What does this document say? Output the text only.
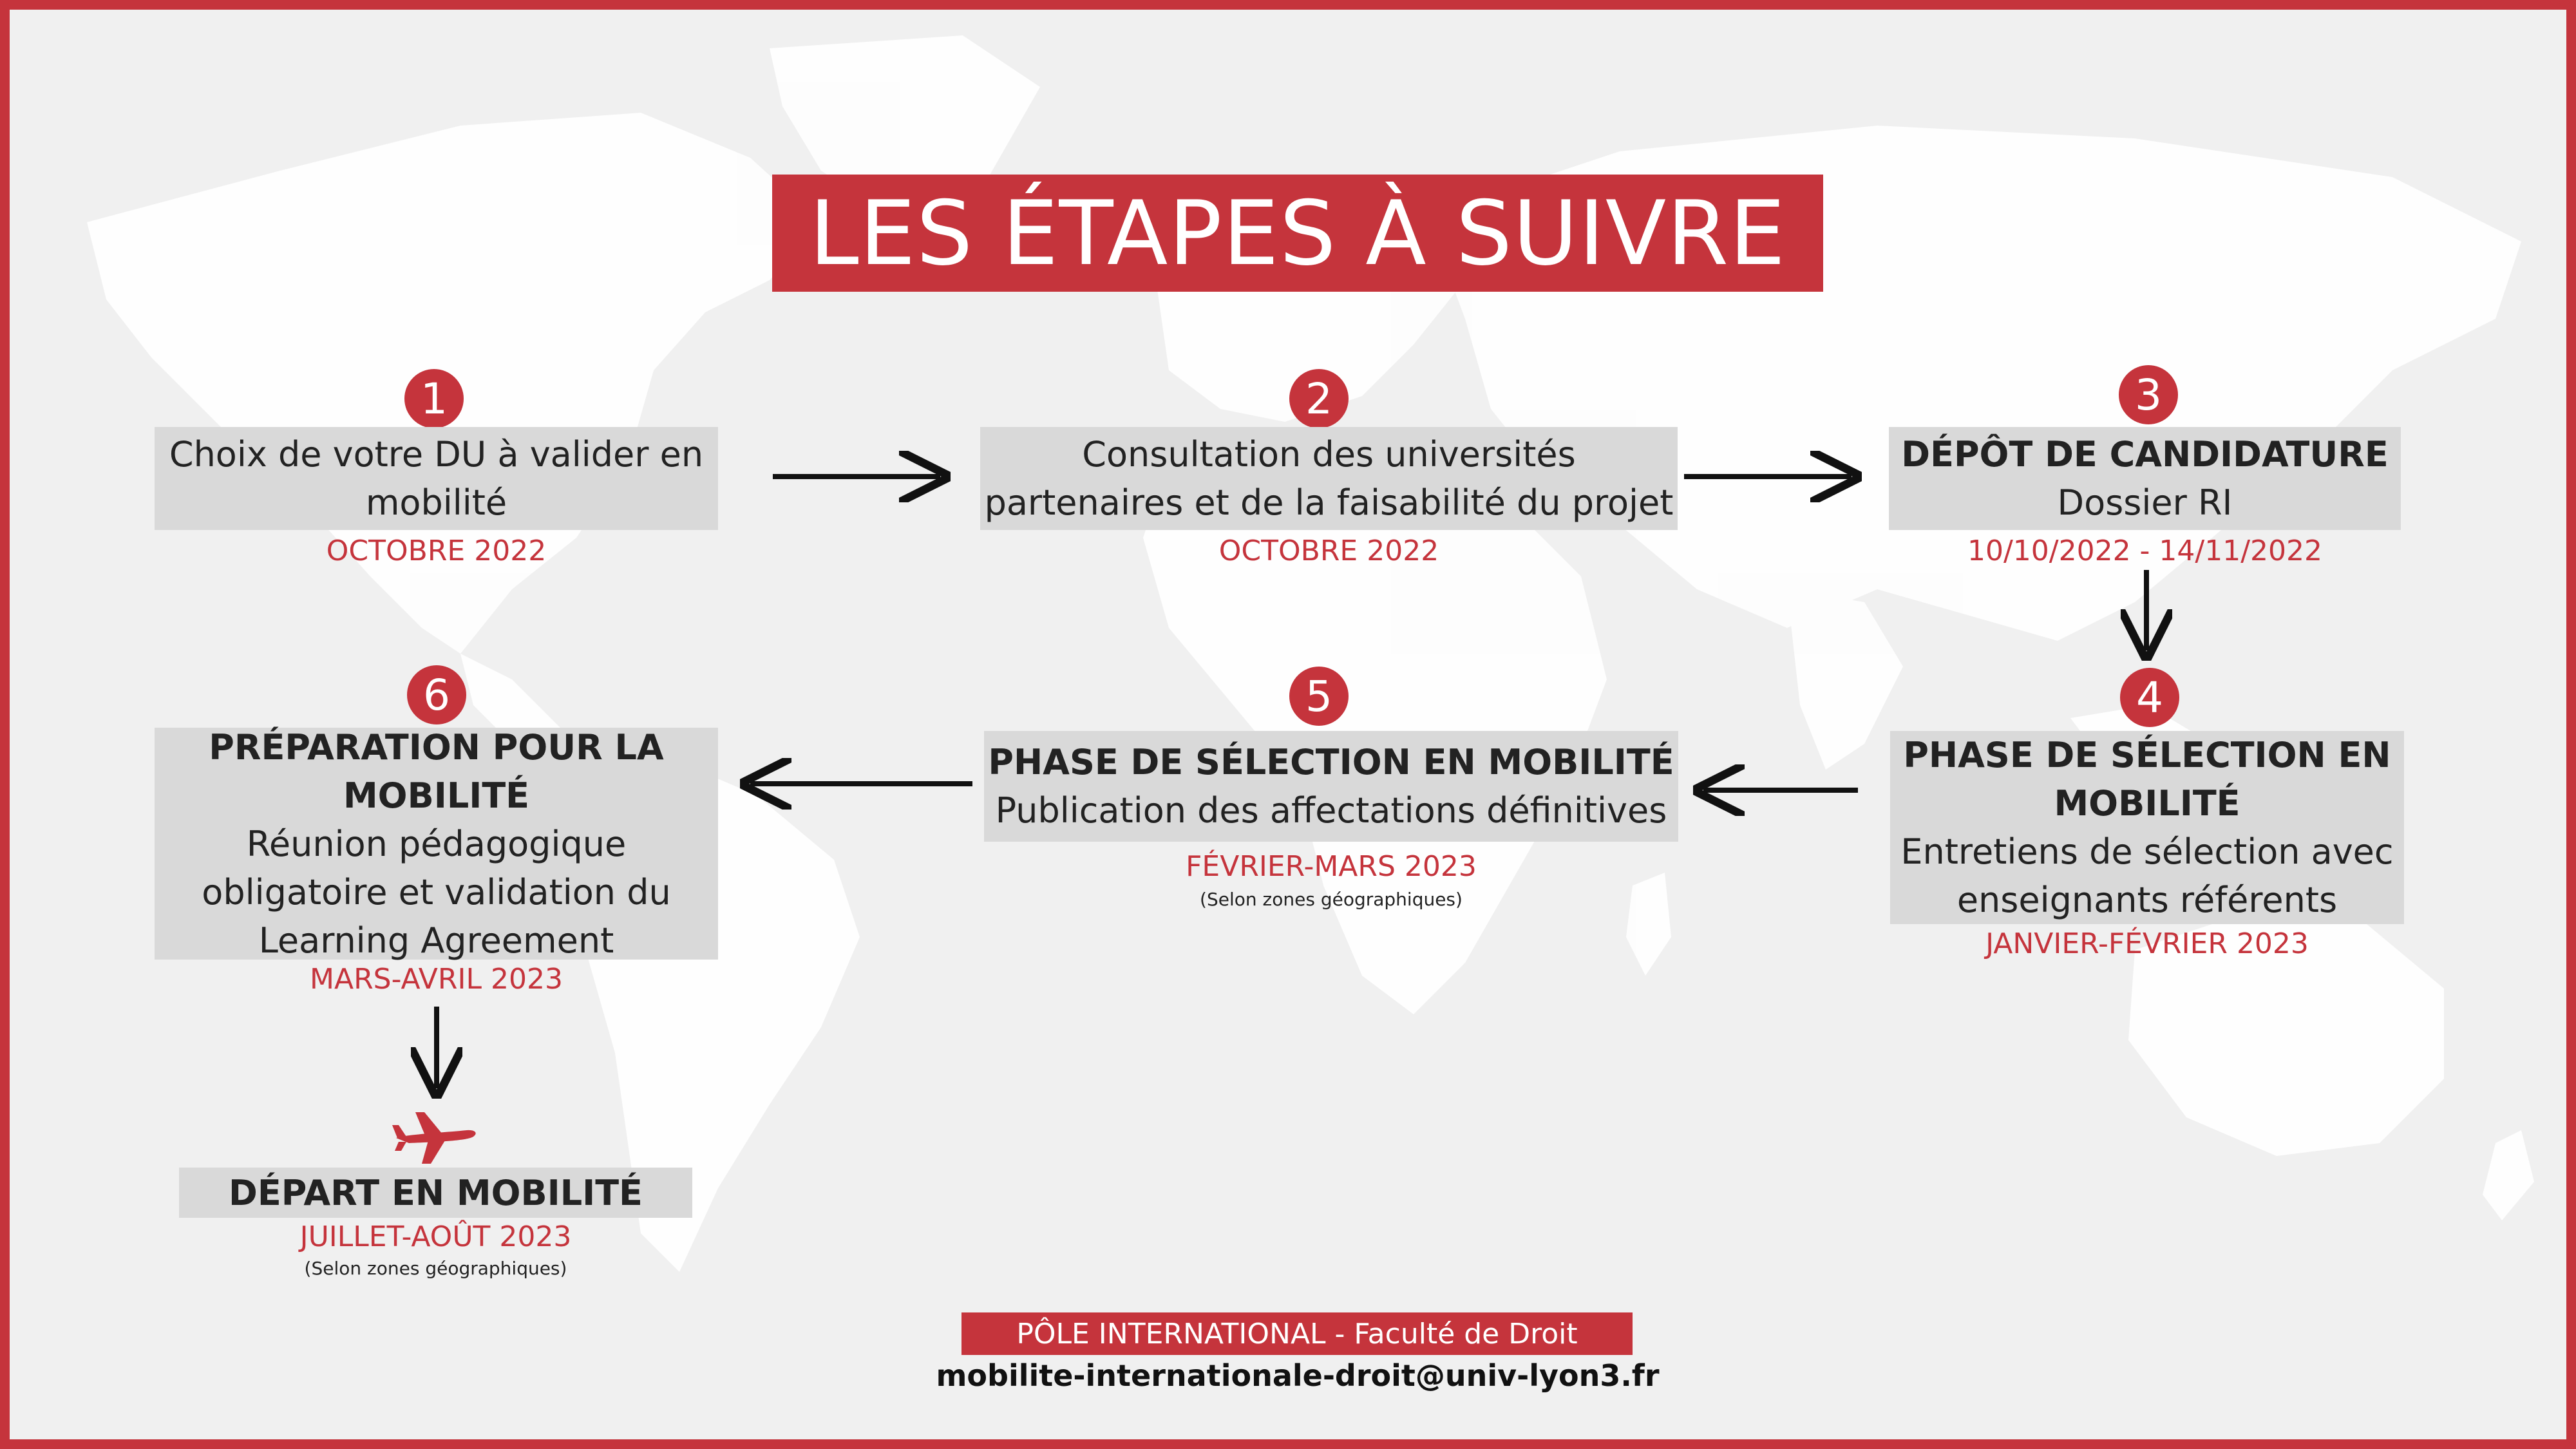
LES ÉTAPES À SUIVRE
1
Choix de votre DU à valider en
mobilité
OCTOBRE 2022
2
Consultation des universités
partenaires et de la faisabilité du projet
OCTOBRE 2022
3
DÉPÔT DE CANDIDATURE
Dossier RI
10/10/2022 - 14/11/2022
4
PHASE DE SÉLECTION EN
MOBILITÉ
Entretiens de sélection avec
enseignants référents
JANVIER-FÉVRIER 2023
5
PHASE DE SÉLECTION EN MOBILITÉ
Publication des affectations définitives
FÉVRIER-MARS 2023
(Selon zones géographiques)
6
PRÉPARATION POUR LA
MOBILITÉ
Réunion pédagogique
obligatoire et validation du
Learning Agreement
MARS-AVRIL 2023
DÉPART EN MOBILITÉ
JUILLET-AOÛT 2023
(Selon zones géographiques)
PÔLE INTERNATIONAL - Faculté de Droit
mobilite-internationale-droit@univ-lyon3.fr
